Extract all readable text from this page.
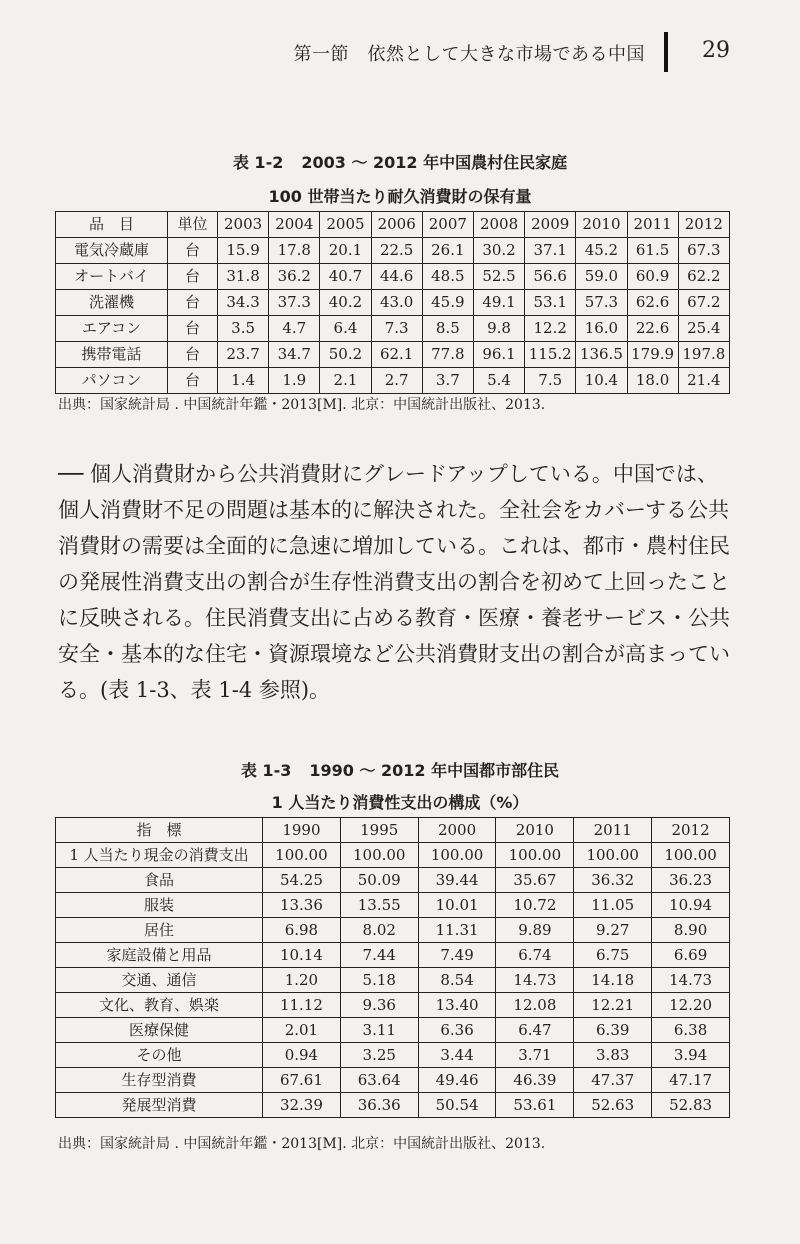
第一節　依然として大きな市場である中国	29
表 1-2 2003 〜 2012 年中国農村住民家庭
100 世帯当たり耐久消費財の保有量
品　目	単位	2003	2004	2005	2006	2007	2008	2009	2010	2011	2012
電気冷蔵庫	台	15.9	17.8	20.1	22.5	26.1	30.2	37.1	45.2	61.5	67.3
オートバイ	台	31.8	36.2	40.7	44.6	48.5	52.5	56.6	59.0	60.9	62.2
洗濯機	台	34.3	37.3	40.2	43.0	45.9	49.1	53.1	57.3	62.6	67.2
エアコン	台	3.5	4.7	6.4	7.3	8.5	9.8	12.2	16.0	22.6	25.4
携帯電話	台	23.7	34.7	50.2	62.1	77.8	96.1	115.2	136.5	179.9	197.8
パソコン	台	1.4	1.9	2.1	2.7	3.7	5.4	7.5	10.4	18.0	21.4
出典：国家統計局 . 中国統計年鑑・2013[M]. 北京：中国統計出版社、2013.

── 個人消費財から公共消費財にグレードアップしている。中国では、個人消費財不足の問題は基本的に解決された。全社会をカバーする公共消費財の需要は全面的に急速に増加している。これは、都市・農村住民の発展性消費支出の割合が生存性消費支出の割合を初めて上回ったことに反映される。住民消費支出に占める教育・医療・養老サービス・公共安全・基本的な住宅・資源環境など公共消費財支出の割合が高まっている。(表 1-3、表 1-4 参照)。

表 1-3 1990 〜 2012 年中国都市部住民
1 人当たり消費性支出の構成（%）
指　標	1990	1995	2000	2010	2011	2012
1 人当たり現金の消費支出	100.00	100.00	100.00	100.00	100.00	100.00
食品	54.25	50.09	39.44	35.67	36.32	36.23
服装	13.36	13.55	10.01	10.72	11.05	10.94
居住	6.98	8.02	11.31	9.89	9.27	8.90
家庭設備と用品	10.14	7.44	7.49	6.74	6.75	6.69
交通、通信	1.20	5.18	8.54	14.73	14.18	14.73
文化、教育、娯楽	11.12	9.36	13.40	12.08	12.21	12.20
医療保健	2.01	3.11	6.36	6.47	6.39	6.38
その他	0.94	3.25	3.44	3.71	3.83	3.94
生存型消費	67.61	63.64	49.46	46.39	47.37	47.17
発展型消費	32.39	36.36	50.54	53.61	52.63	52.83
出典：国家統計局 . 中国統計年鑑・2013[M]. 北京：中国統計出版社、2013.
